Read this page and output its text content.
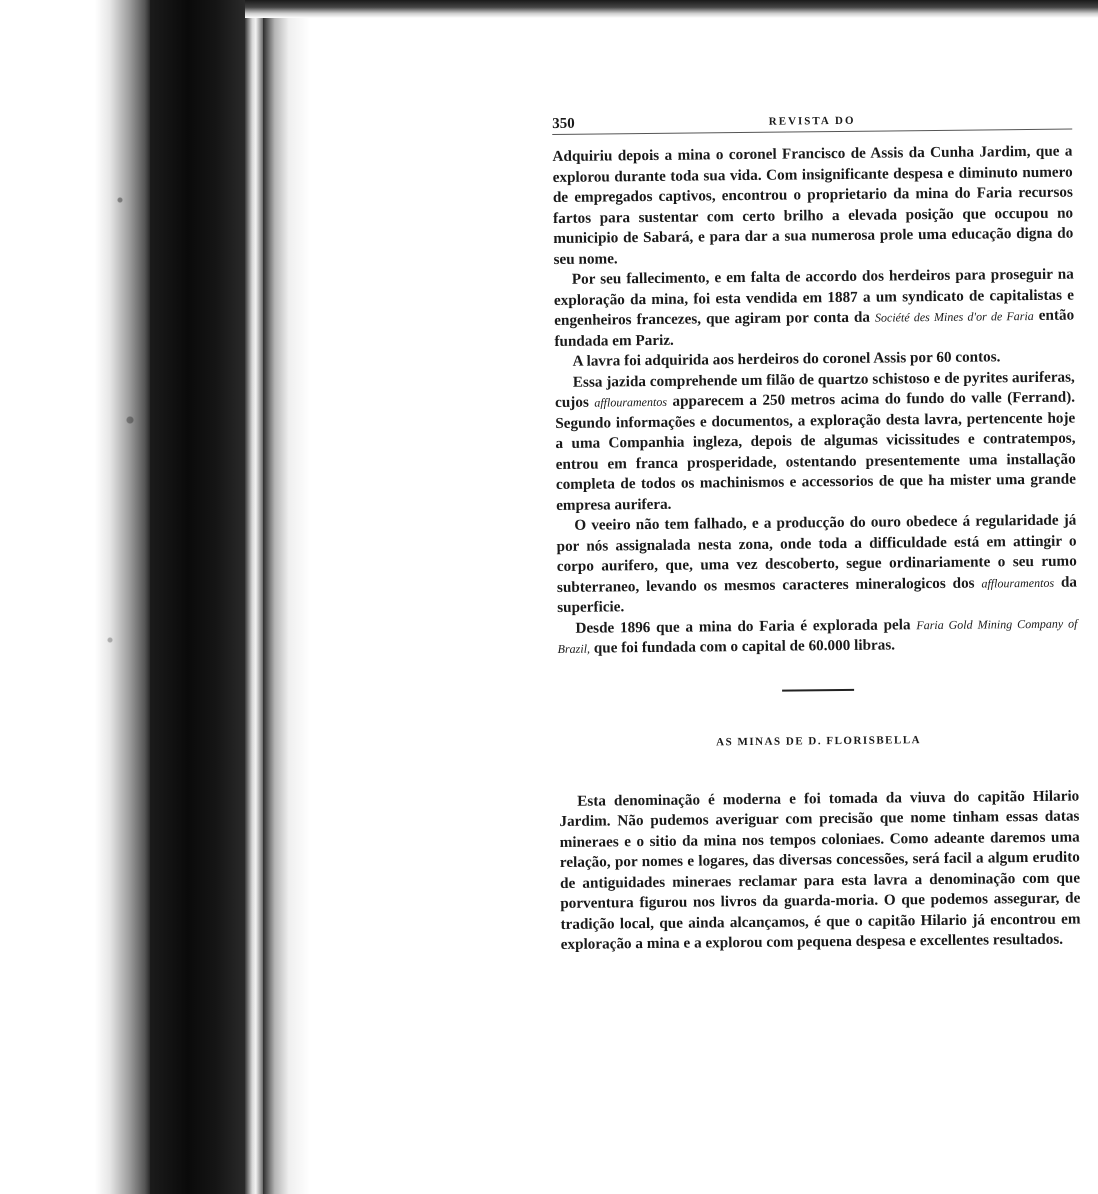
350	REVISTA DO

Adquiriu depois a mina o coronel Francisco de Assis da Cunha Jardim, que a explorou durante toda sua vida. Com insignificante despesa e diminuto numero de empregados captivos, encontrou o proprietario da mina do Faria recursos fartos para sustentar com certo brilho a elevada posição que occupou no municipio de Sabará, e para dar a sua numerosa prole uma educação digna do seu nome.

Por seu fallecimento, e em falta de accordo dos herdeiros para proseguir na exploração da mina, foi esta vendida em 1887 a um syndicato de capitalistas e engenheiros francezes, que agiram por conta da Société des Mines d'or de Faria então fundada em Pariz.

A lavra foi adquirida aos herdeiros do coronel Assis por 60 contos.

Essa jazida comprehende um filão de quartzo schistoso e de pyrites auriferas, cujos afflouramentos apparecem a 250 metros acima do fundo do valle (Ferrand). Segundo informações e documentos, a exploração desta lavra, pertencente hoje a uma Companhia ingleza, depois de algumas vicissitudes e contratempos, entrou em franca prosperidade, ostentando presentemente uma installação completa de todos os machinismos e accessorios de que ha mister uma grande empresa aurifera.

O veeiro não tem falhado, e a producção do ouro obedece á regularidade já por nós assignalada nesta zona, onde toda a difficuldade está em attingir o corpo aurifero, que, uma vez descoberto, segue ordinariamente o seu rumo subterraneo, levando os mesmos caracteres mineralogicos dos afflouramentos da superficie.

Desde 1896 que a mina do Faria é explorada pela Faria Gold Mining Company of Brazil, que foi fundada com o capital de 60.000 libras.

AS MINAS DE D. FLORISBELLA

Esta denominação é moderna e foi tomada da viuva do capitão Hilario Jardim. Não pudemos averiguar com precisão que nome tinham essas datas mineraes e o sitio da mina nos tempos coloniaes. Como adeante daremos uma relação, por nomes e logares, das diversas concessões, será facil a algum erudito de antiguidades mineraes reclamar para esta lavra a denominação com que porventura figurou nos livros da guarda-moria. O que podemos assegurar, de tradição local, que ainda alcançamos, é que o capitão Hilario já encontrou em exploração a mina e a explorou com pequena despesa e excellentes resultados.
